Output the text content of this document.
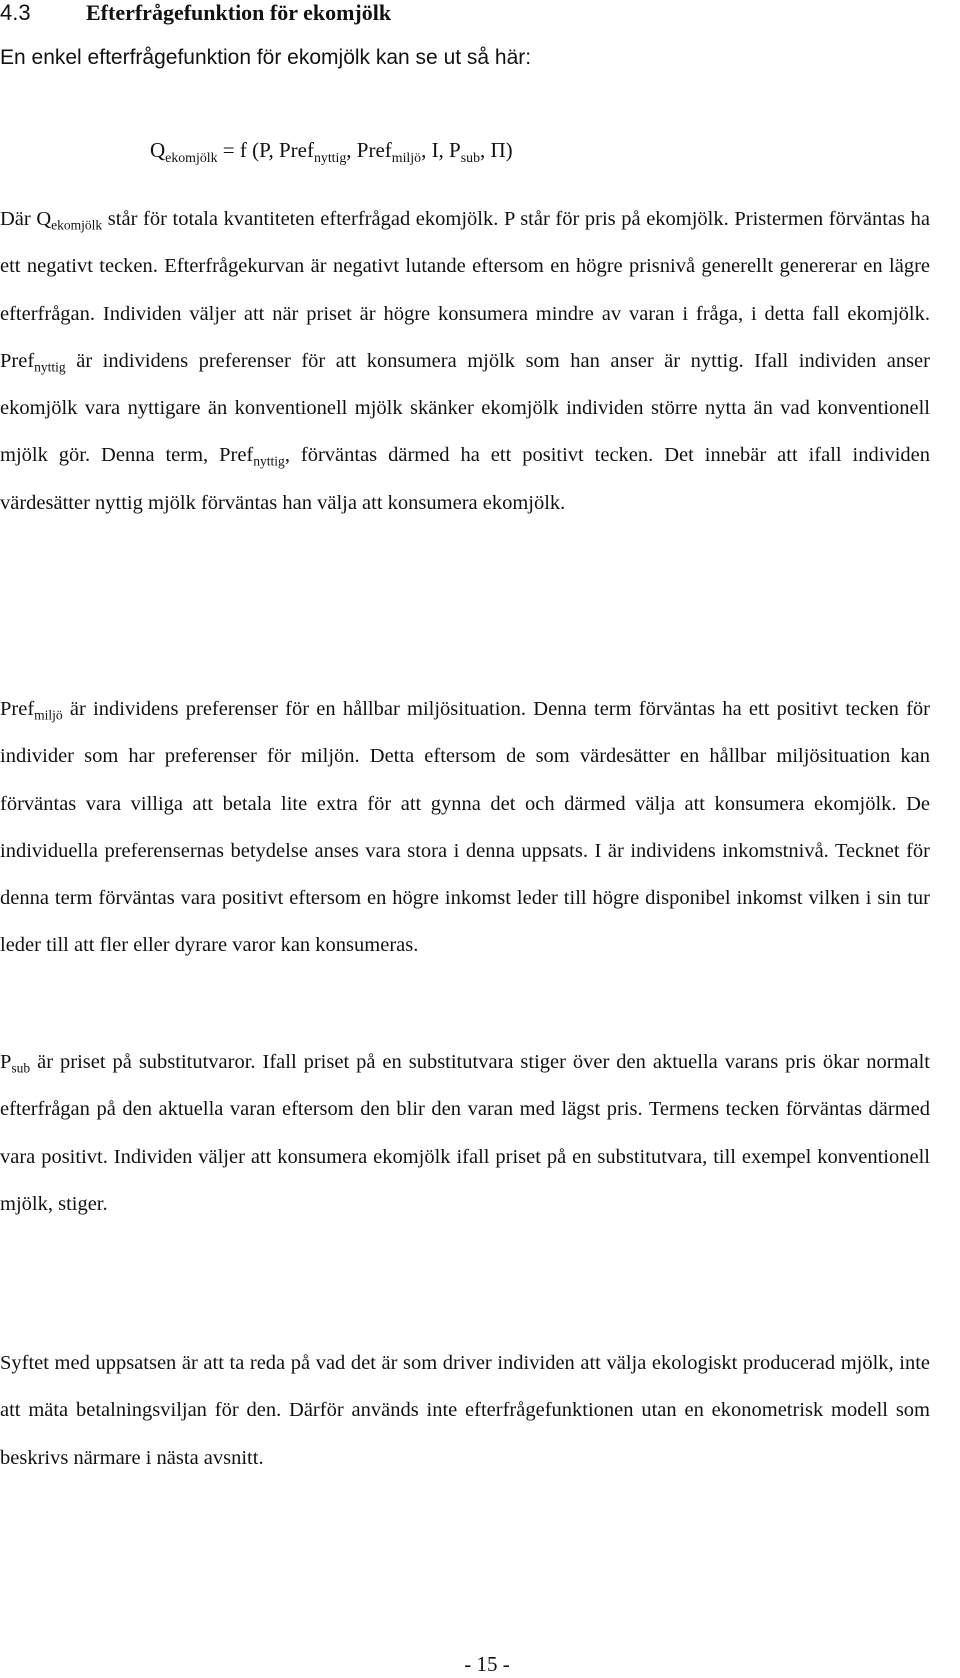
4.3	Efterfrågefunktion för ekomjölk
En enkel efterfrågefunktion för ekomjölk kan se ut så här:
$Q_{ekomjölk} = f$ (P, Pref$_{nyttig}$, Pref$_{miljö}$, I, $P_{sub}$, Π)

Där $Q_{ekomjölk}$ står för totala kvantiteten efterfrågad ekomjölk. P står för pris på ekomjölk. Pristermen förväntas ha ett negativt tecken. Efterfrågekurvan är negativt lutande eftersom en högre prisnivå generellt genererar en lägre efterfrågan. Individen väljer att när priset är högre konsumera mindre av varan i fråga, i detta fall ekomjölk. Pref$_{nyttig}$ är individens preferenser för att konsumera mjölk som han anser är nyttig. Ifall individen anser ekomjölk vara nyttigare än konventionell mjölk skänker ekomjölk individen större nytta än vad konventionell mjölk gör. Denna term, Pref$_{nyttig}$, förväntas därmed ha ett positivt tecken. Det innebär att ifall individen värdesätter nyttig mjölk förväntas han välja att konsumera ekomjölk.

Pref$_{miljö}$ är individens preferenser för en hållbar miljösituation. Denna term förväntas ha ett positivt tecken för individer som har preferenser för miljön. Detta eftersom de som värdesätter en hållbar miljösituation kan förväntas vara villiga att betala lite extra för att gynna det och därmed välja att konsumera ekomjölk. De individuella preferensernas betydelse anses vara stora i denna uppsats. I är individens inkomstnivå. Tecknet för denna term förväntas vara positivt eftersom en högre inkomst leder till högre disponibel inkomst vilken i sin tur leder till att fler eller dyrare varor kan konsumeras.

$P_{sub}$ är priset på substitutvaror. Ifall priset på en substitutvara stiger över den aktuella varans pris ökar normalt efterfrågan på den aktuella varan eftersom den blir den varan med lägst pris. Termens tecken förväntas därmed vara positivt. Individen väljer att konsumera ekomjölk ifall priset på en substitutvara, till exempel konventionell mjölk, stiger.

Syftet med uppsatsen är att ta reda på vad det är som driver individen att välja ekologiskt producerad mjölk, inte att mäta betalningsviljan för den. Därför används inte efterfrågefunktionen utan en ekonometrisk modell som beskrivs närmare i nästa avsnitt.

- 15 -
